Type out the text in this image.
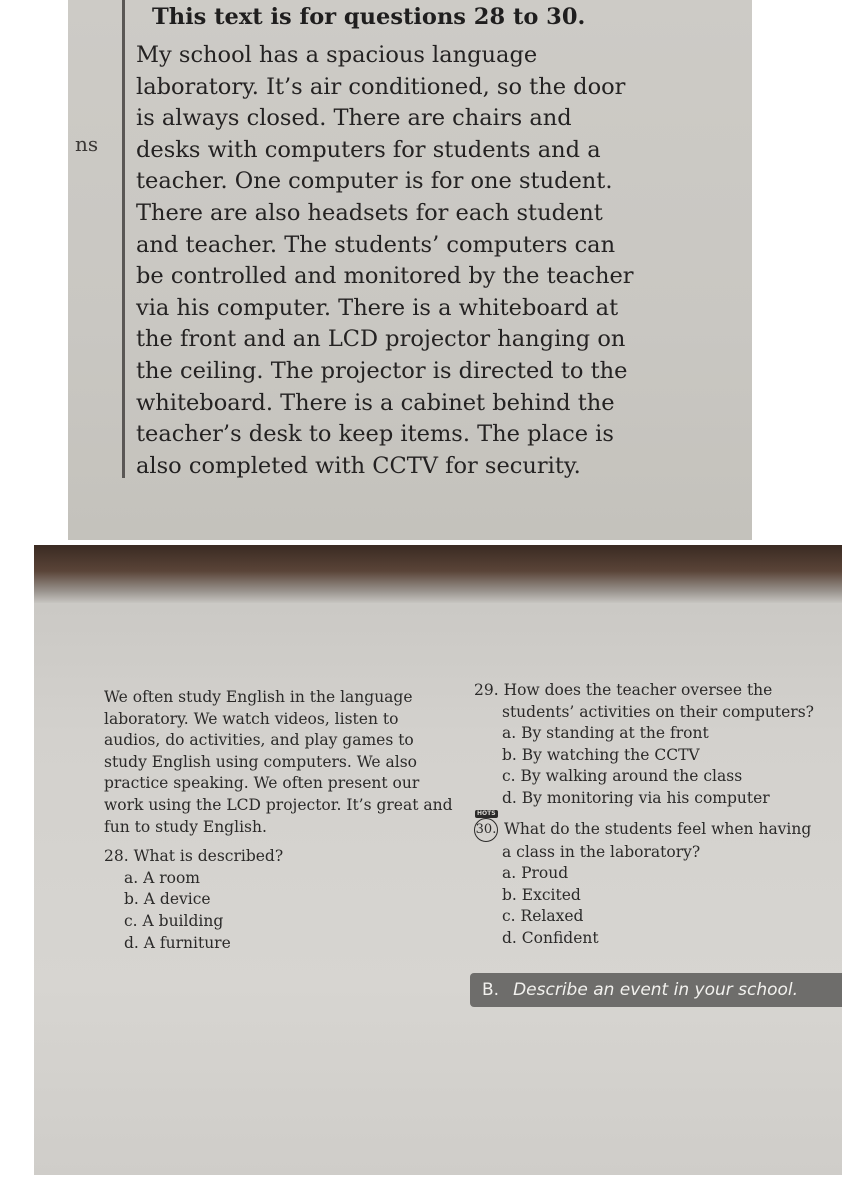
ns
This text is for questions 28 to 30.
My school has a spacious language
laboratory. It’s air conditioned, so the door
is always closed. There are chairs and
desks with computers for students and a
teacher. One computer is for one student.
There are also headsets for each student
and teacher. The students’ computers can
be controlled and monitored by the teacher
via his computer. There is a whiteboard at
the front and an LCD projector hanging on
the ceiling. The projector is directed to the
whiteboard. There is a cabinet behind the
teacher’s desk to keep items. The place is
also completed with CCTV for security.
We often study English in the language
laboratory. We watch videos, listen to
audios, do activities, and play games to
study English using computers. We also
practice speaking. We often present our
work using the LCD projector. It’s great and
fun to study English.
28. What is described?
a. A room
b. A device
c. A building
d. A furniture
29. How does the teacher oversee the
students’ activities on their computers?
a. By standing at the front
b. By watching the CCTV
c. By walking around the class
d. By monitoring via his computer
HOTS
30. What do the students feel when having
a class in the laboratory?
a. Proud
b. Excited
c. Relaxed
d. Confident
B. Describe an event in your school.
